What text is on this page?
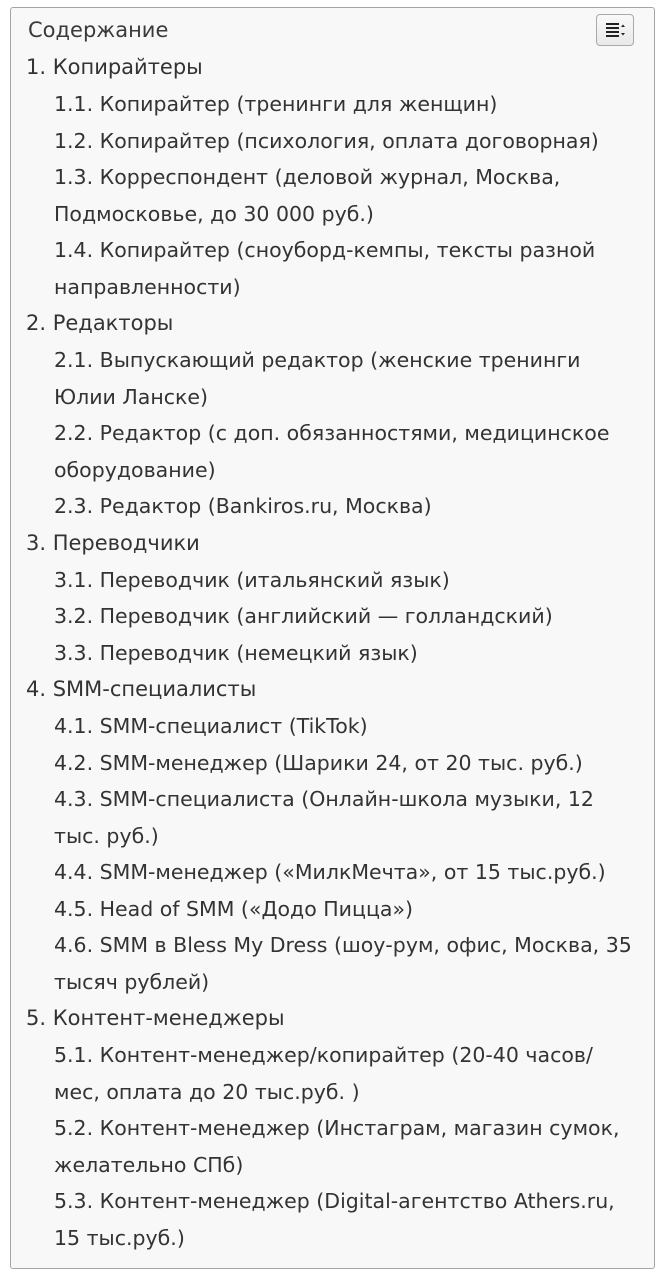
Содержание
1. Копирайтеры
1.1. Копирайтер (тренинги для женщин)
1.2. Копирайтер (психология, оплата договорная)
1.3. Корреспондент (деловой журнал, Москва, Подмосковье, до 30 000 руб.)
1.4. Копирайтер (сноуборд-кемпы, тексты разной направленности)
2. Редакторы
2.1. Выпускающий редактор (женские тренинги Юлии Ланске)
2.2. Редактор (с доп. обязанностями, медицинское оборудование)
2.3. Редактор (Bankiros.ru, Москва)
3. Переводчики
3.1. Переводчик (итальянский язык)
3.2. Переводчик (английский — голландский)
3.3. Переводчик (немецкий язык)
4. SMM-специалисты
4.1. SMM-специалист (TikTok)
4.2. SMM-менеджер (Шарики 24, от 20 тыс. руб.)
4.3. SMM-специалиста (Онлайн-школа музыки, 12 тыс. руб.)
4.4. SMM-менеджер («МилкМечта», от 15 тыс.руб.)
4.5. Head of SMM («Додо Пицца»)
4.6. SMM в Bless My Dress (шоу-рум, офис, Москва, 35 тысяч рублей)
5. Контент-менеджеры
5.1. Контент-менеджер/копирайтер (20-40 часов/мес, оплата до 20 тыс.руб. )
5.2. Контент-менеджер (Инстаграм, магазин сумок, желательно СПб)
5.3. Контент-менеджер (Digital-агентство Athers.ru, 15 тыс.руб.)
